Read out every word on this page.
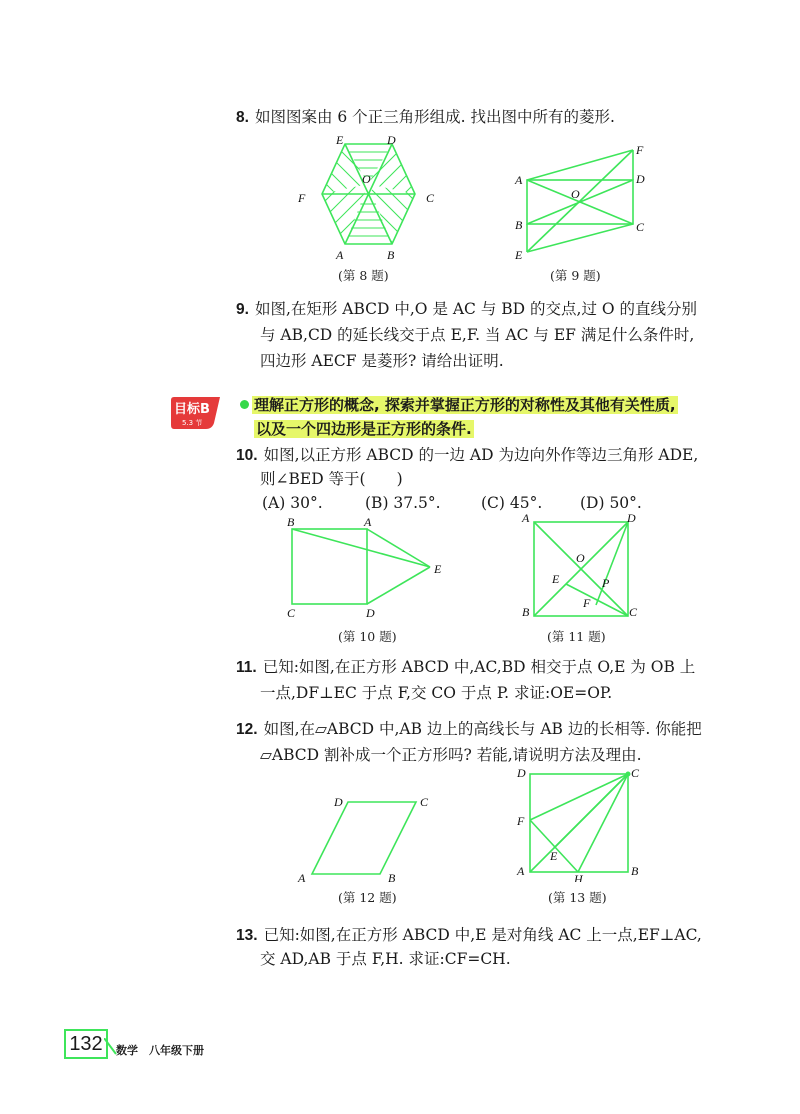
8. 如图图案由 6 个正三角形组成. 找出图中所有的菱形.
E	D
O
F	C
A	B
(第 8 题)
F
A
O
D
B	C
E
(第 9 题)
9. 如图,在矩形 ABCD 中,O 是 AC 与 BD 的交点,过 O 的直线分别
与 AB,CD 的延长线交于点 E,F. 当 AC 与 EF 满足什么条件时,
四边形 AECF 是菱形? 请给出证明.
目标B
5.3 节
理解正方形的概念, 探索并掌握正方形的对称性及其他有关性质,
以及一个四边形是正方形的条件.
10. 如图,以正方形 ABCD 的一边 AD 为边向外作等边三角形 ADE,
则∠BED 等于(　　)
(A) 30°.	(B) 37.5°.	(C) 45°. (D) 50°.
B	A
E
C	D
(第 10 题)
A	D
O
E	P
F
B	C
(第 11 题)
11. 已知:如图,在正方形 ABCD 中,AC,BD 相交于点 O,E 为 OB 上
一点,DF⊥EC 于点 F,交 CO 于点 P. 求证:OE=OP.
12. 如图,在▱ABCD 中,AB 边上的高线长与 AB 边的长相等. 你能把
▱ABCD 割补成一个正方形吗? 若能,请说明方法及理由.
D	C
A	B
(第 12 题)
D	C
F
E
A
H
B
(第 13 题)
13. 已知:如图,在正方形 ABCD 中,E 是对角线 AC 上一点,EF⊥AC,
交 AD,AB 于点 F,H. 求证:CF=CH.
132	数学　八年级下册
